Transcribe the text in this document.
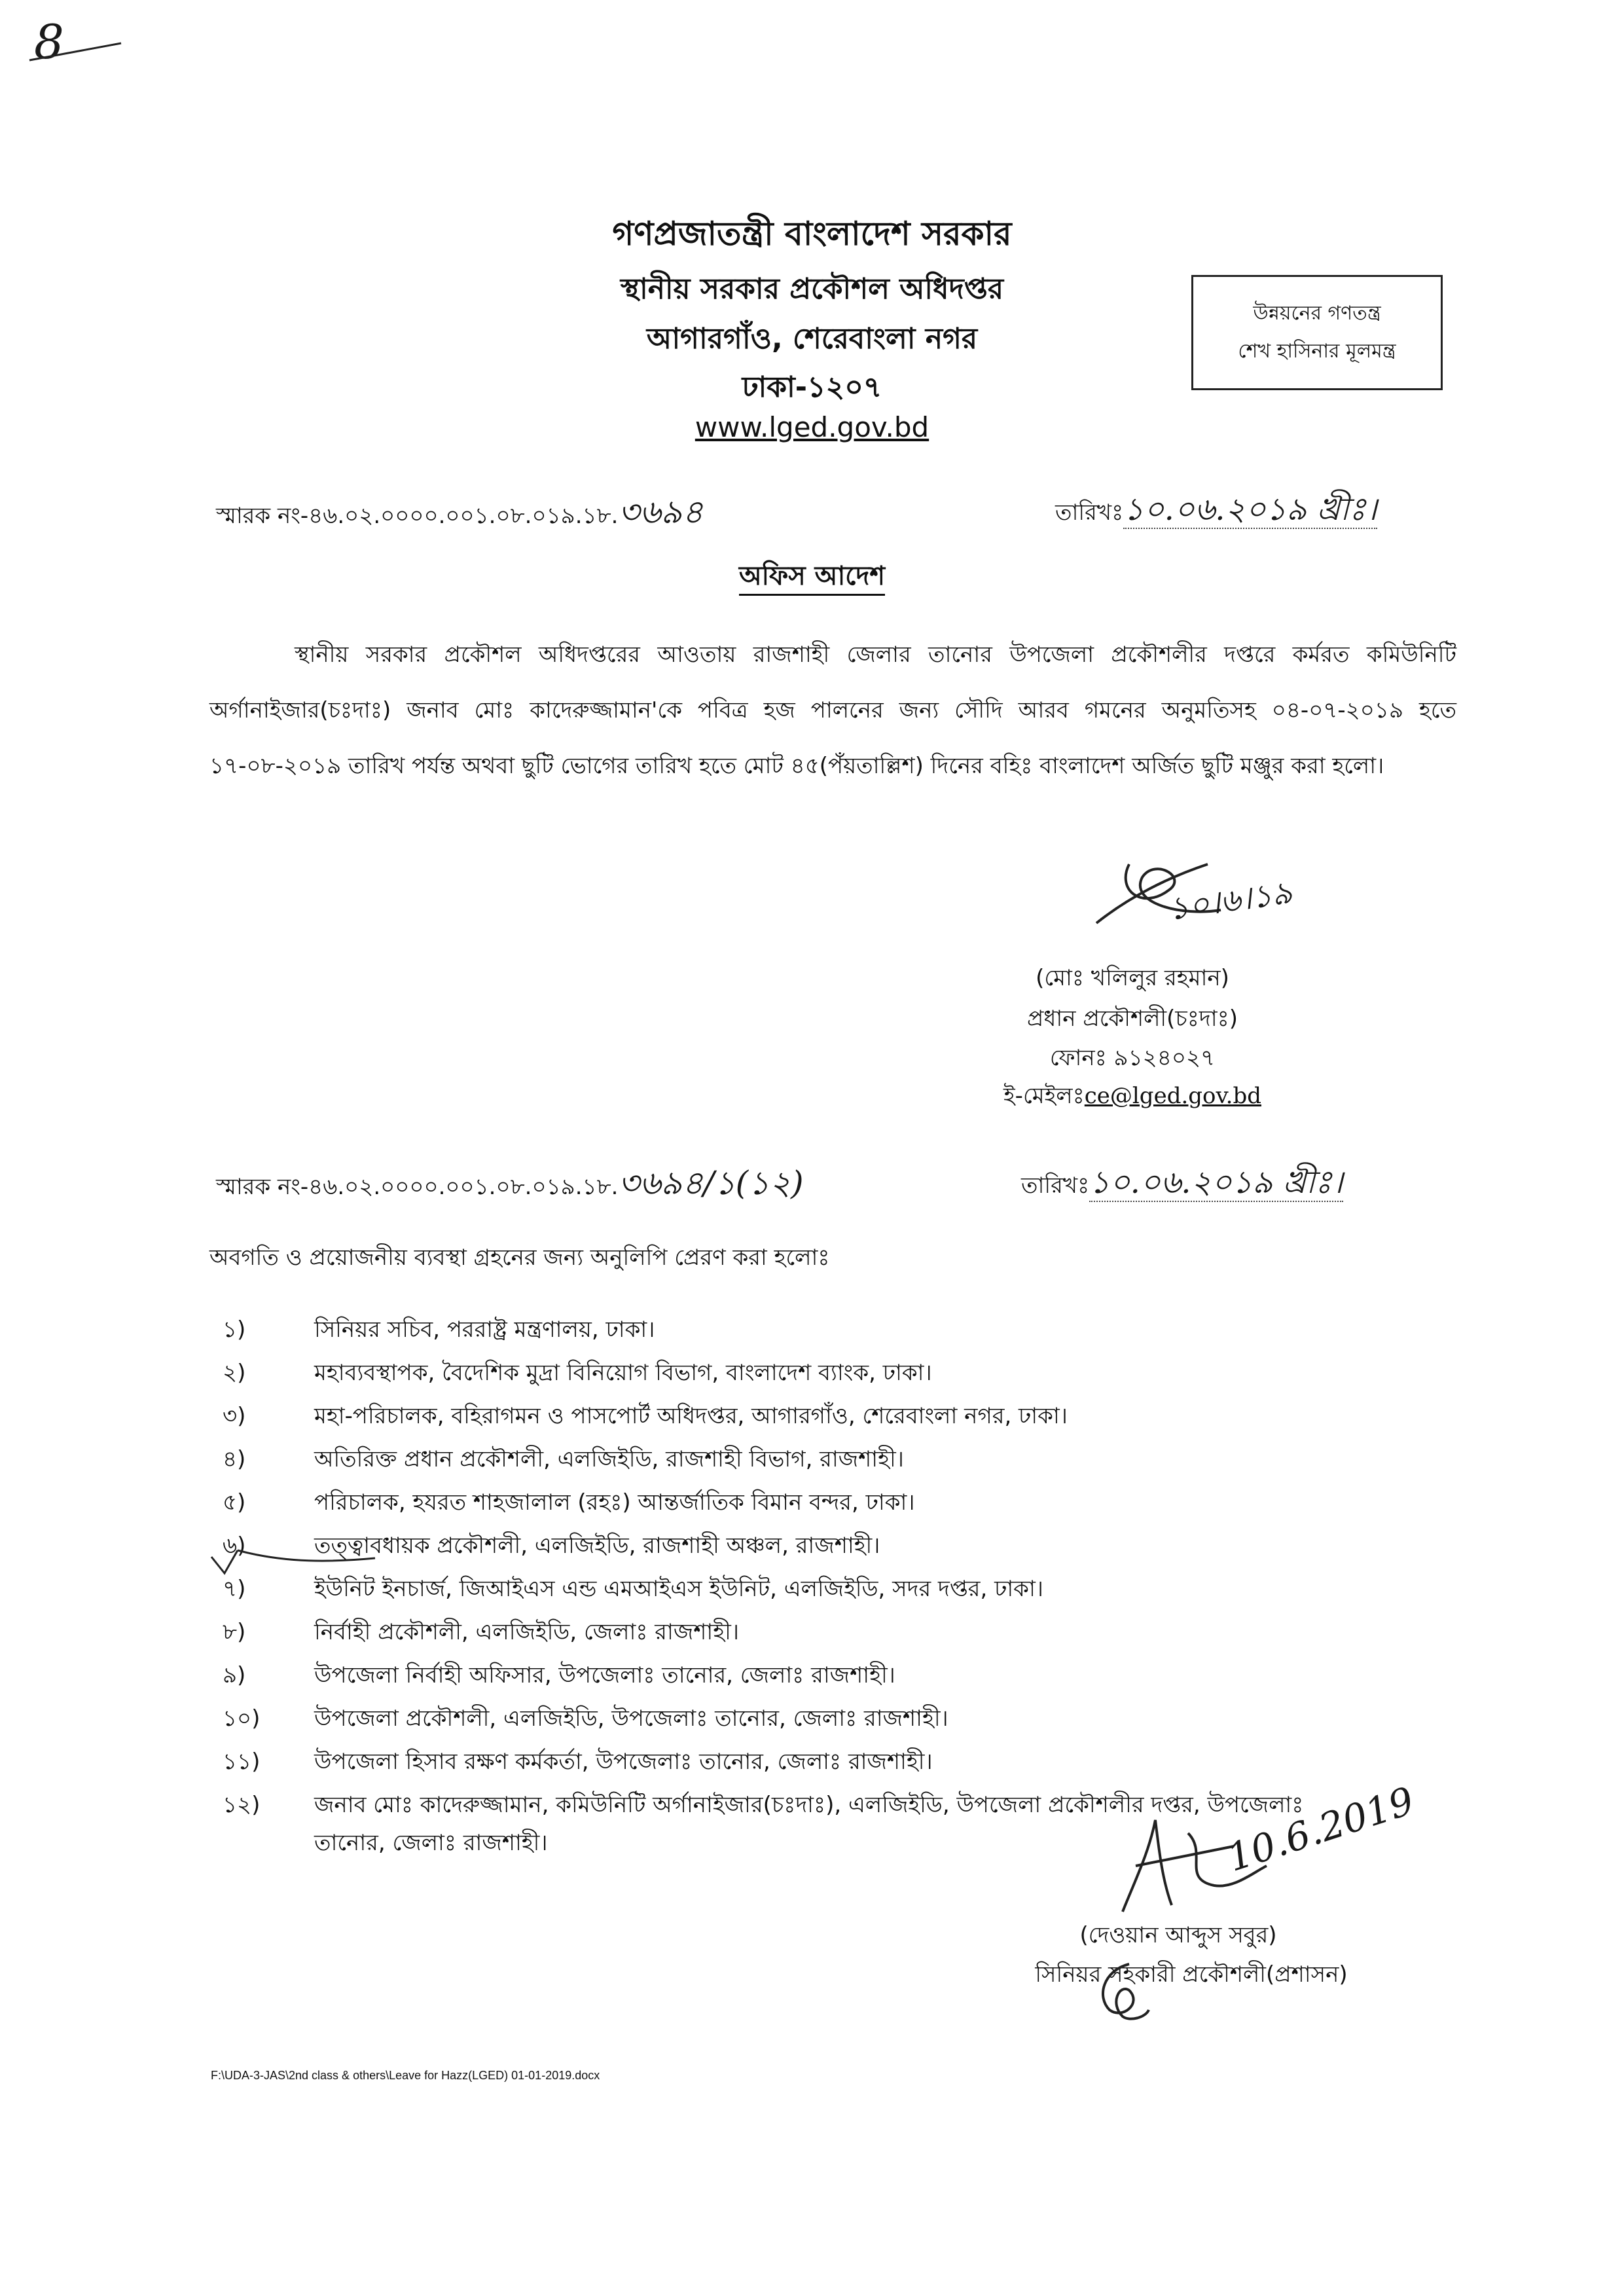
8
গণপ্রজাতন্ত্রী বাংলাদেশ সরকার
স্থানীয় সরকার প্রকৌশল অধিদপ্তর
আগারগাঁও, শেরেবাংলা নগর
ঢাকা-১২০৭
www.lged.gov.bd
উন্নয়নের গণতন্ত্র
শেখ হাসিনার মূলমন্ত্র
স্মারক নং-৪৬.০২.০০০০.০০১.০৮.০১৯.১৮.৩৬৯৪	তারিখঃ১০.০৬.২০১৯ খ্রীঃ।
অফিস আদেশ
স্থানীয় সরকার প্রকৌশল অধিদপ্তরের আওতায় রাজশাহী জেলার তানোর উপজেলা প্রকৌশলীর দপ্তরে কর্মরত কমিউনিটি অর্গানাইজার(চঃদাঃ) জনাব মোঃ কাদেরুজ্জামান'কে পবিত্র হজ পালনের জন্য সৌদি আরব গমনের অনুমতিসহ ০৪-০৭-২০১৯ হতে ১৭-০৮-২০১৯ তারিখ পর্যন্ত অথবা ছুটি ভোগের তারিখ হতে মোট ৪৫(পঁয়তাল্লিশ) দিনের বহিঃ বাংলাদেশ অর্জিত ছুটি মঞ্জুর করা হলো।
১০।৬।১৯
(মোঃ খলিলুর রহমান)
প্রধান প্রকৌশলী(চঃদাঃ)
ফোনঃ ৯১২৪০২৭
ই-মেইলঃce@lged.gov.bd
স্মারক নং-৪৬.০২.০০০০.০০১.০৮.০১৯.১৮.৩৬৯৪/১(১২)	তারিখঃ১০.০৬.২০১৯ খ্রীঃ।
অবগতি ও প্রয়োজনীয় ব্যবস্থা গ্রহনের জন্য অনুলিপি প্রেরণ করা হলোঃ
১)	সিনিয়র সচিব, পররাষ্ট্র মন্ত্রণালয়, ঢাকা।
২)	মহাব্যবস্থাপক, বৈদেশিক মুদ্রা বিনিয়োগ বিভাগ, বাংলাদেশ ব্যাংক, ঢাকা।
৩)	মহা-পরিচালক, বহিরাগমন ও পাসপোর্ট অধিদপ্তর, আগারগাঁও, শেরেবাংলা নগর, ঢাকা।
৪)	অতিরিক্ত প্রধান প্রকৌশলী, এলজিইডি, রাজশাহী বিভাগ, রাজশাহী।
৫)	পরিচালক, হযরত শাহজালাল (রহঃ) আন্তর্জাতিক বিমান বন্দর, ঢাকা।
৬)	তত্ত্বাবধায়ক প্রকৌশলী, এলজিইডি, রাজশাহী অঞ্চল, রাজশাহী।
৭)	ইউনিট ইনচার্জ, জিআইএস এন্ড এমআইএস ইউনিট, এলজিইডি, সদর দপ্তর, ঢাকা।
৮)	নির্বাহী প্রকৌশলী, এলজিইডি, জেলাঃ রাজশাহী।
৯)	উপজেলা নির্বাহী অফিসার, উপজেলাঃ তানোর, জেলাঃ রাজশাহী।
১০)	উপজেলা প্রকৌশলী, এলজিইডি, উপজেলাঃ তানোর, জেলাঃ রাজশাহী।
১১)	উপজেলা হিসাব রক্ষণ কর্মকর্তা, উপজেলাঃ তানোর, জেলাঃ রাজশাহী।
১২)	জনাব মোঃ কাদেরুজ্জামান, কমিউনিটি অর্গানাইজার(চঃদাঃ), এলজিইডি, উপজেলা প্রকৌশলীর দপ্তর, উপজেলাঃ তানোর, জেলাঃ রাজশাহী।	10.6.2019
(দেওয়ান আব্দুস সবুর)
সিনিয়র সহকারী প্রকৌশলী(প্রশাসন)
F:\UDA-3-JAS\2nd class & others\Leave for Hazz(LGED) 01-01-2019.docx
